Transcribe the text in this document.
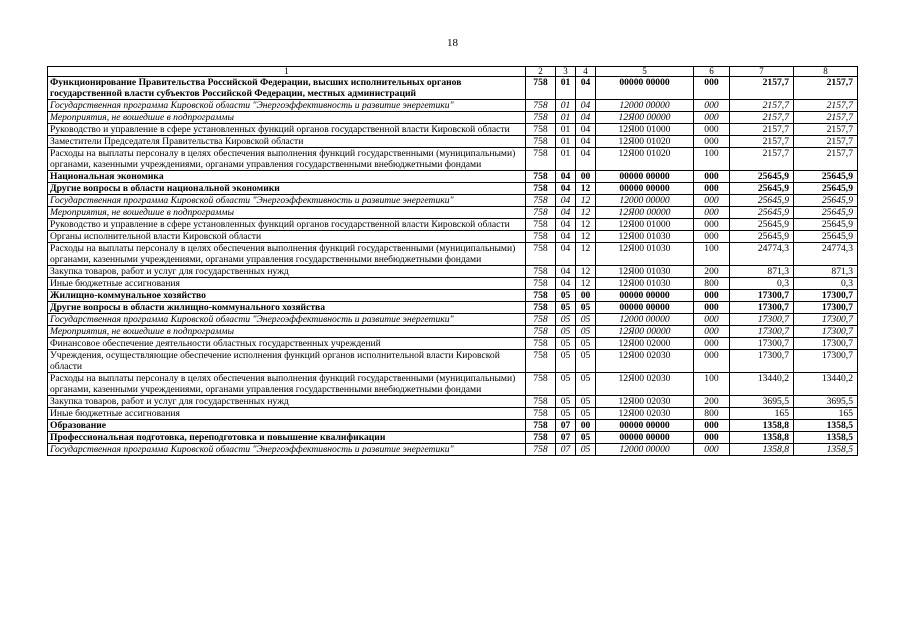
18
1	2	3	4	5	6	7	8
Функционирование Правительства Российской Федерации, высших исполнительных органов государственной власти субъектов Российской Федерации, местных администраций	758	01	04	00000 00000	000	2157,7	2157,7
Государственная программа Кировской области "Энергоэффективность и развитие энергетики"	758	01	04	12000 00000	000	2157,7	2157,7
Мероприятия, не вошедшие в подпрограммы	758	01	04	12Я00 00000	000	2157,7	2157,7
Руководство и управление в сфере установленных функций органов государственной власти Кировской области	758	01	04	12Я00 01000	000	2157,7	2157,7
Заместители Председателя Правительства Кировской области	758	01	04	12Я00 01020	000	2157,7	2157,7
Расходы на выплаты персоналу в целях обеспечения выполнения функций государственными (муниципальными) органами, казенными учреждениями, органами управления государственными внебюджетными фондами	758	01	04	12Я00 01020	100	2157,7	2157,7
Национальная экономика	758	04	00	00000 00000	000	25645,9	25645,9
Другие вопросы в области национальной экономики	758	04	12	00000 00000	000	25645,9	25645,9
Государственная программа Кировской области "Энергоэффективность и развитие энергетики"	758	04	12	12000 00000	000	25645,9	25645,9
Мероприятия, не вошедшие в подпрограммы	758	04	12	12Я00 00000	000	25645,9	25645,9
Руководство и управление в сфере установленных функций органов государственной власти Кировской области	758	04	12	12Я00 01000	000	25645,9	25645,9
Органы исполнительной власти Кировской области	758	04	12	12Я00 01030	000	25645,9	25645,9
Расходы на выплаты персоналу в целях обеспечения выполнения функций государственными (муниципальными) органами, казенными учреждениями, органами управления государственными внебюджетными фондами	758	04	12	12Я00 01030	100	24774,3	24774,3
Закупка товаров, работ и услуг для государственных нужд	758	04	12	12Я00 01030	200	871,3	871,3
Иные бюджетные ассигнования	758	04	12	12Я00 01030	800	0,3	0,3
Жилищно-коммунальное хозяйство	758	05	00	00000 00000	000	17300,7	17300,7
Другие вопросы в области жилищно-коммунального хозяйства	758	05	05	00000 00000	000	17300,7	17300,7
Государственная программа Кировской области "Энергоэффективность и развитие энергетики"	758	05	05	12000 00000	000	17300,7	17300,7
Мероприятия, не вошедшие в подпрограммы	758	05	05	12Я00 00000	000	17300,7	17300,7
Финансовое обеспечение деятельности областных государственных учреждений	758	05	05	12Я00 02000	000	17300,7	17300,7
Учреждения, осуществляющие обеспечение исполнения функций органов исполнительной власти Кировской области	758	05	05	12Я00 02030	000	17300,7	17300,7
Расходы на выплаты персоналу в целях обеспечения выполнения функций государственными (муниципальными) органами, казенными учреждениями, органами управления государственными внебюджетными фондами	758	05	05	12Я00 02030	100	13440,2	13440,2
Закупка товаров, работ и услуг для государственных нужд	758	05	05	12Я00 02030	200	3695,5	3695,5
Иные бюджетные ассигнования	758	05	05	12Я00 02030	800	165	165
Образование	758	07	00	00000 00000	000	1358,8	1358,5
Профессиональная подготовка, переподготовка и повышение квалификации	758	07	05	00000 00000	000	1358,8	1358,5
Государственная программа Кировской области "Энергоэффективность и развитие энергетики"	758	07	05	12000 00000	000	1358,8	1358,5
